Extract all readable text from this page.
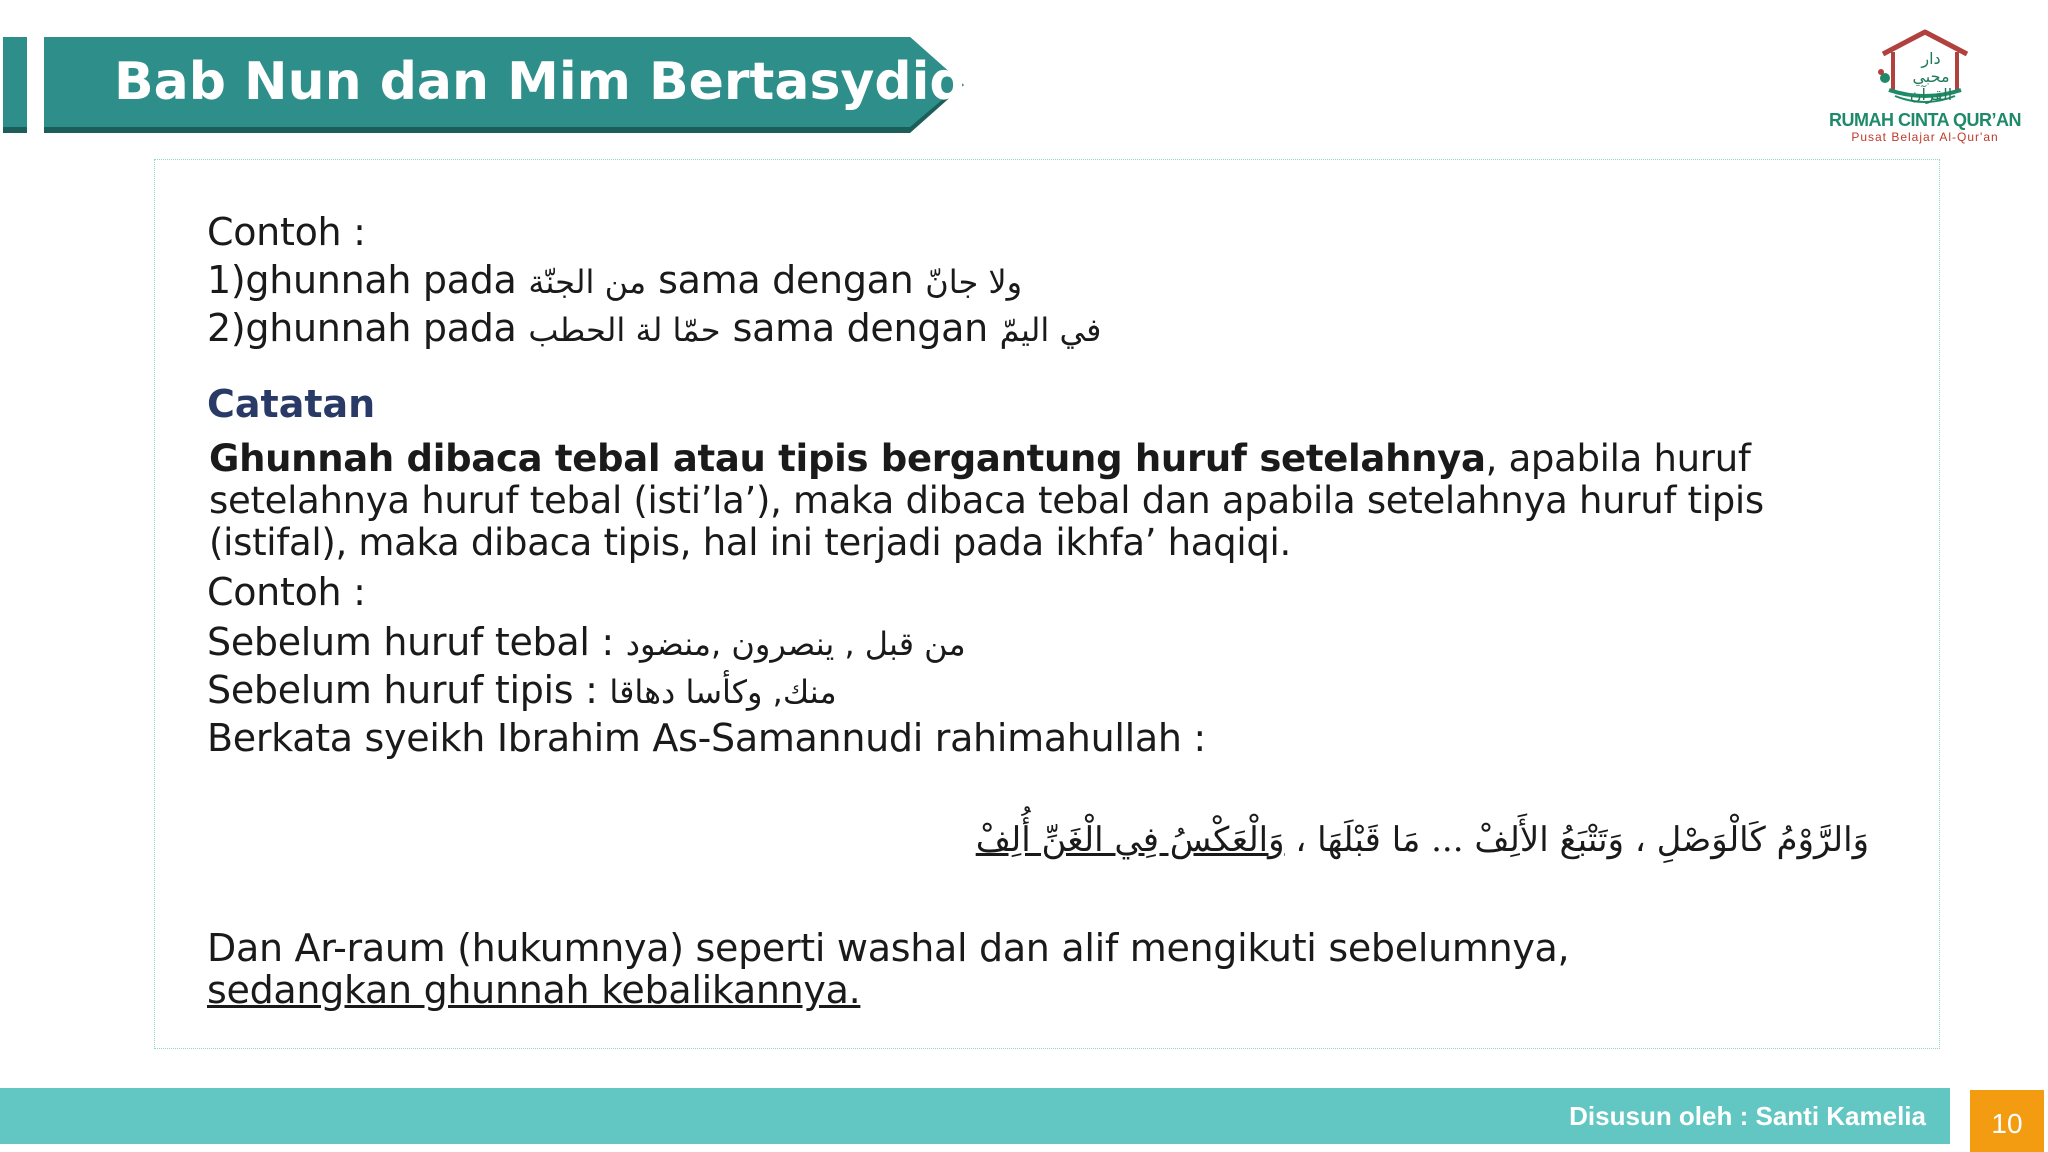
Bab Nun dan Mim Bertasydid	دار محبي
القرآن
RUMAH CINTA QUR’AN
Pusat Belajar Al-Qur'an
Contoh :
1)ghunnah pada من الجنّة sama dengan ولا جانّ
2)ghunnah pada حمّا لة الحطب sama dengan في اليمّ
Catatan
Ghunnah dibaca tebal atau tipis bergantung huruf setelahnya, apabila huruf setelahnya huruf tebal (isti’la’), maka dibaca tebal dan apabila setelahnya huruf tipis (istifal), maka dibaca tipis, hal ini terjadi pada ikhfa’ haqiqi.
Contoh :
Sebelum huruf tebal : من قبل , ينصرون ,منضود
Sebelum huruf tipis : منك, وكأسا دهاقا
Berkata syeikh Ibrahim As-Samannudi rahimahullah :
وَالرَّوْمُ كَالْوَصْلِ ، وَتَتْبَعُ الأَلِفْ ... مَا قَبْلَهَا ، وَالْعَكْسُ فِي الْغَنِّ أُلِفْ
Dan Ar-raum (hukumnya) seperti washal dan alif mengikuti sebelumnya,
sedangkan ghunnah kebalikannya.
Disusun oleh : Santi Kamelia	10
